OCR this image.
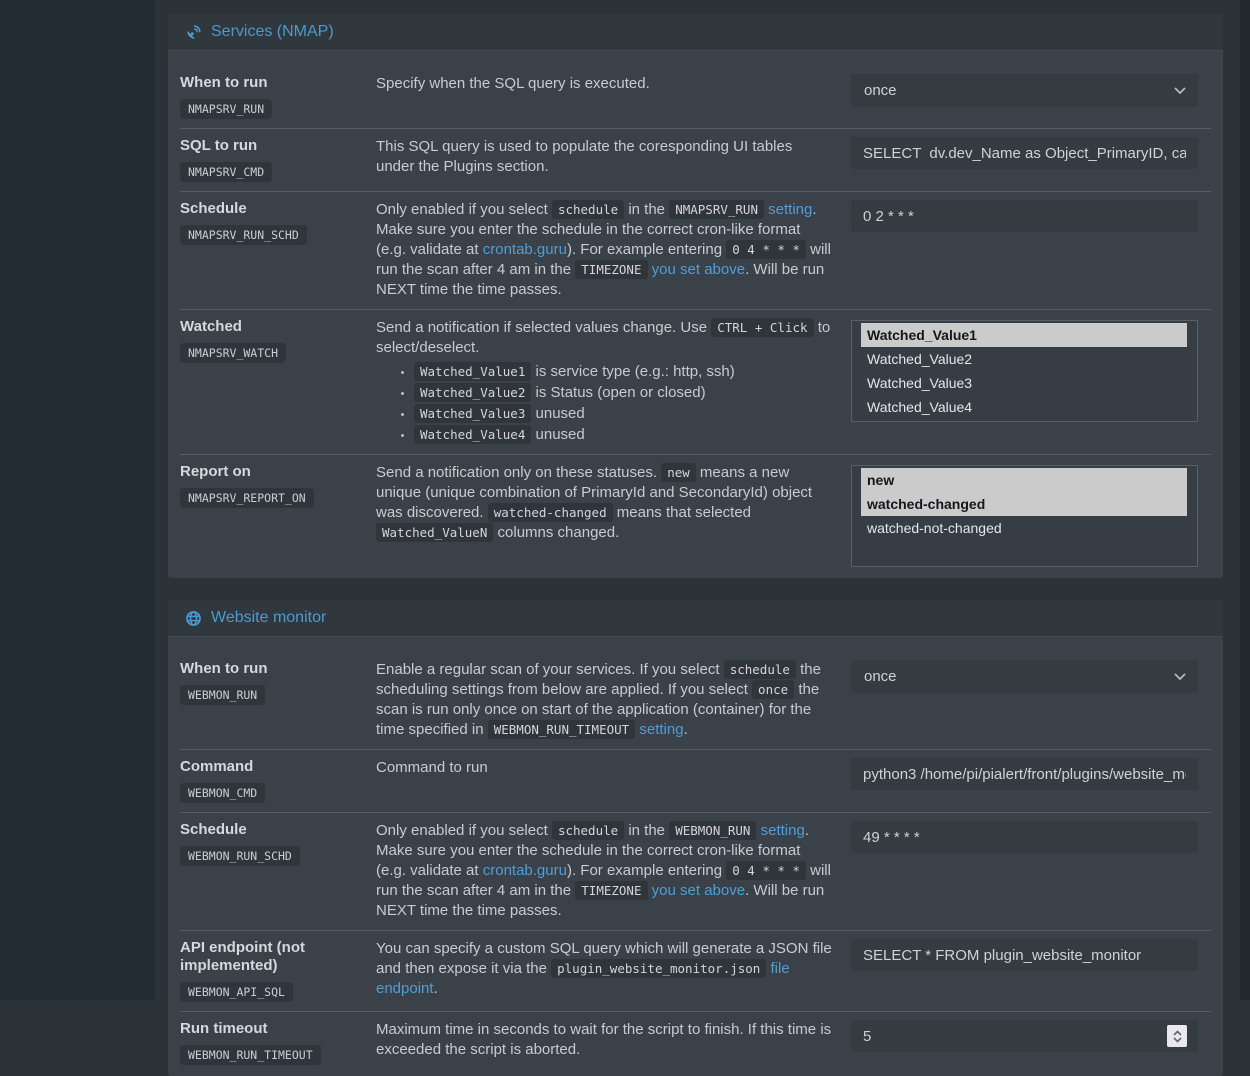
Services (NMAP)
When to run
NMAPSRV_RUN
Specify when the SQL query is executed.	once
SQL to run
NMAPSRV_CMD
This SQL query is used to populate the coresponding UI tables under the Plugins section.
SELECT dv.dev_Name as Object_PrimaryID, cast({s-quote}
Schedule
NMAPSRV_RUN_SCHD
Only enabled if you select schedule in the NMAPSRV_RUN setting. Make sure you enter the schedule in the correct cron-like format (e.g. validate at crontab.guru). For example entering 0 4 * * * will run the scan after 4 am in the TIMEZONE you set above. Will be run NEXT time the time passes.
0 2 * * *
Watched
NMAPSRV_WATCH
Send a notification if selected values change. Use CTRL + Click to select/deselect.
• Watched_Value1 is service type (e.g.: http, ssh)
• Watched_Value2 is Status (open or closed)
• Watched_Value3 unused
• Watched_Value4 unused
Watched_Value1
Watched_Value2
Watched_Value3
Watched_Value4
Report on
NMAPSRV_REPORT_ON
Send a notification only on these statuses. new means a new unique (unique combination of PrimaryId and SecondaryId) object was discovered. watched-changed means that selected Watched_ValueN columns changed.
new
watched-changed
watched-not-changed
Website monitor
When to run
WEBMON_RUN
Enable a regular scan of your services. If you select schedule the scheduling settings from below are applied. If you select once the scan is run only once on start of the application (container) for the time specified in WEBMON_RUN_TIMEOUT setting.
once
Command
WEBMON_CMD
Command to run
python3 /home/pi/pialert/front/plugins/website_monitor
Schedule
WEBMON_RUN_SCHD
Only enabled if you select schedule in the WEBMON_RUN setting. Make sure you enter the schedule in the correct cron-like format (e.g. validate at crontab.guru). For example entering 0 4 * * * will run the scan after 4 am in the TIMEZONE you set above. Will be run NEXT time the time passes.
49 * * * *
API endpoint (not implemented)
WEBMON_API_SQL
You can specify a custom SQL query which will generate a JSON file and then expose it via the plugin_website_monitor.json file endpoint.
SELECT * FROM plugin_website_monitor
Run timeout
WEBMON_RUN_TIMEOUT
Maximum time in seconds to wait for the script to finish. If this time is exceeded the script is aborted.
5
